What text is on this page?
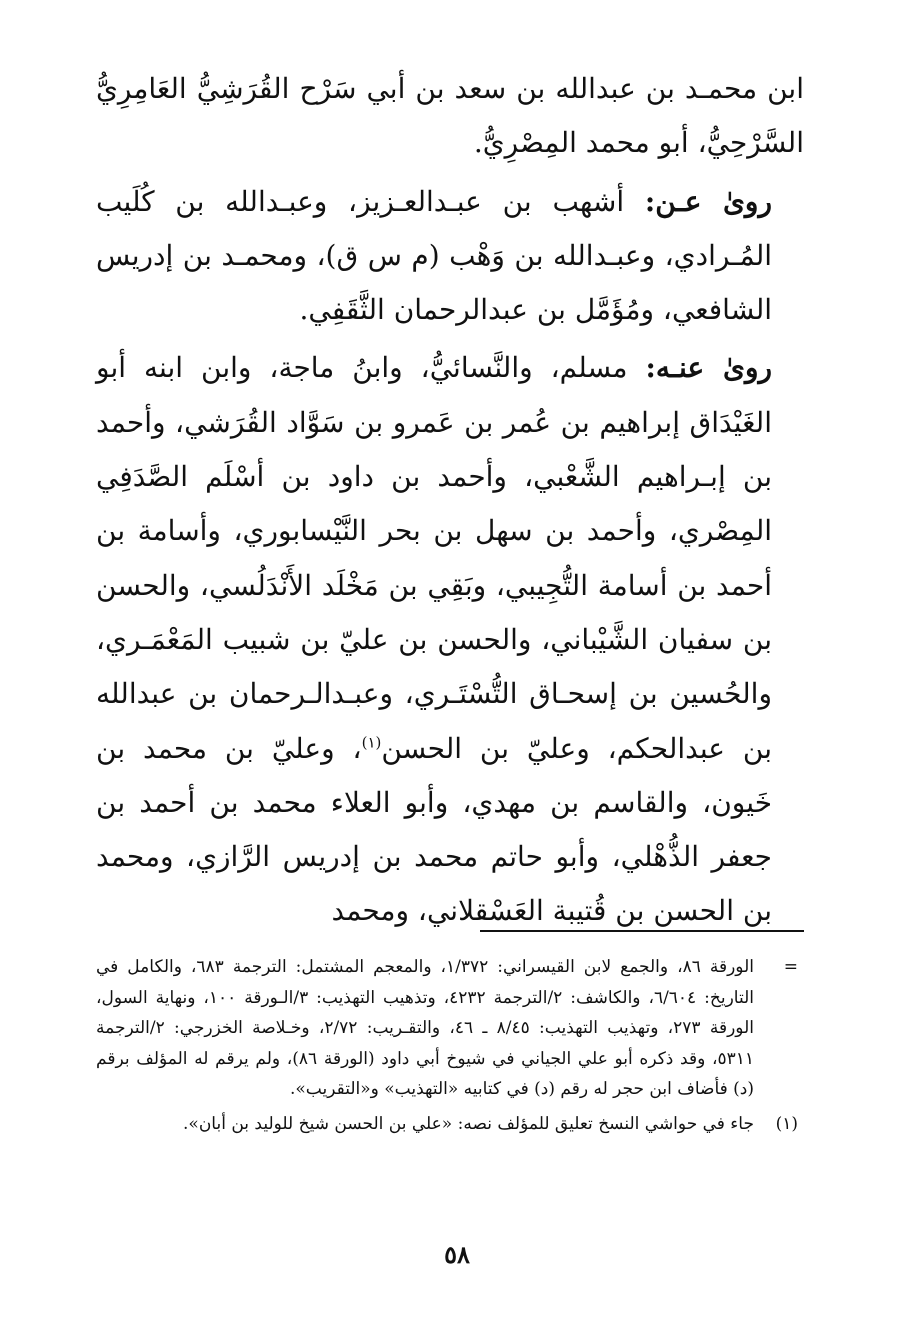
ابن محمـد بن عبدالله بن سعد بن أبي سَرْح القُرَشِيُّ العَامِرِيُّ السَّرْحِيُّ، أبو محمد المِصْرِيُّ.

روىٰ عـن: أشهب بن عبـدالعـزيز، وعبـدالله بن كُلَيب المُـرادي، وعبـدالله بن وَهْب (م س ق)، ومحمـد بن إدريس الشافعي، ومُؤَمَّل بن عبدالرحمان الثَّقَفِي.

روىٰ عنـه: مسلم، والنَّسائيُّ، وابنُ ماجة، وابن ابنه أبو الغَيْدَاق إبراهيم بن عُمر بن عَمرو بن سَوَّاد القُرَشي، وأحمد بن إبـراهيم الشَّعْبي، وأحمد بن داود بن أسْلَم الصَّدَفِي المِصْري، وأحمد بن سهل بن بحر النَّيْسابوري، وأسامة بن أحمد بن أسامة التُّجِيبي، وبَقِي بن مَخْلَد الأَنْدَلُسي، والحسن بن سفيان الشَّيْباني، والحسن بن عليّ بن شبيب المَعْمَـري، والحُسين بن إسحـاق التُّسْتَـري، وعبـدالـرحمان بن عبدالله بن عبدالحكم، وعليّ بن الحسن$^{(١)}$، وعليّ بن محمد بن خَيون، والقاسم بن مهدي، وأبو العلاء محمد بن أحمد بن جعفر الذُّهْلي، وأبو حاتم محمد بن إدريس الرَّازي، ومحمد بن الحسن بن قُتيبة العَسْقلاني، ومحمد

=
الورقة ٨٦، والجمع لابن القيسراني: ١/٣٧٢، والمعجم المشتمل: الترجمة ٦٨٣، والكامل في التاريخ: ٦/٦٠٤، والكاشف: ٢/الترجمة ٤٢٣٢، وتذهيب التهذيب: ٣/الـورقة ١٠٠، ونهاية السول، الورقة ٢٧٣، وتهذيب التهذيب: ٨/٤٥ ـ ٤٦، والتقـريب: ٢/٧٢، وخـلاصة الخزرجي: ٢/الترجمة ٥٣١١، وقد ذكره أبو علي الجياني في شيوخ أبي داود (الورقة ٨٦)، ولم يرقم له المؤلف برقم (د) فأضاف ابن حجر له رقم (د) في كتابيه «التهذيب» و«التقريب».
(١)
جاء في حواشي النسخ تعليق للمؤلف نصه: «علي بن الحسن شيخ للوليد بن أبان».
٥٨
